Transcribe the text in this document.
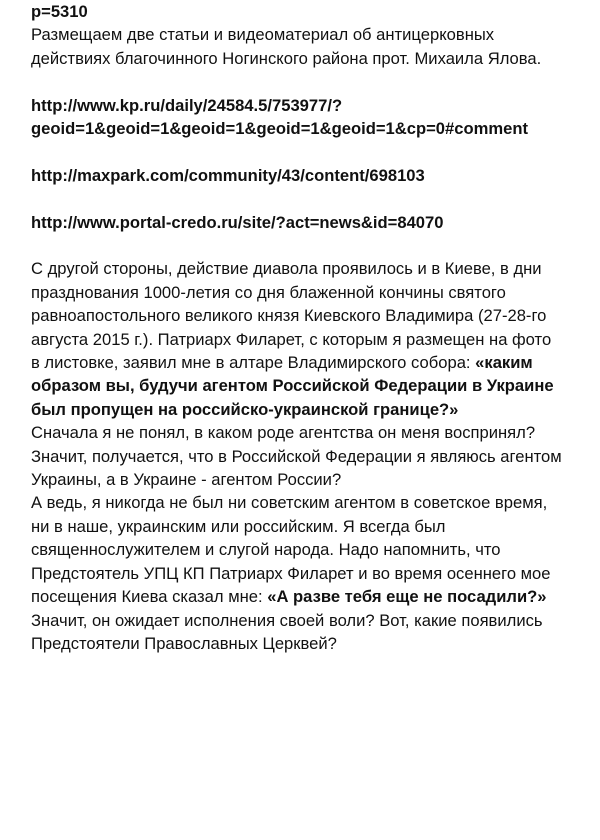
p=5310
Размещаем две статьи и видеоматериал об антицерковных
действиях благочинного Ногинского района прот. Михаила Ялова.
http://www.kp.ru/daily/24584.5/753977/?
geoid=1&geoid=1&geoid=1&geoid=1&geoid=1&cp=0#comment
http://maxpark.com/community/43/content/698103
http://www.portal-credo.ru/site/?act=news&id=84070
С другой стороны, действие диавола проявилось и в Киеве, в дни
празднования 1000-летия со дня блаженной кончины святого
равноапостольного великого князя Киевского Владимира (27-28-го
августа 2015 г.). Патриарх Филарет, с которым я размещен на фото
в листовке, заявил мне в алтаре Владимирского собора: «каким
образом вы, будучи агентом Российской Федерации в Украине
был пропущен на российско-украинской границе?»
Сначала я не понял, в каком роде агентства он меня воспринял?
Значит, получается, что в Российской Федерации я являюсь агентом
Украины, а в Украине - агентом России?
А ведь, я никогда не был ни советским агентом в советское время,
ни в наше, украинским или российским. Я всегда был
священнослужителем и слугой народа. Надо напомнить, что
Предстоятель УПЦ КП Патриарх Филарет и во время осеннего мое
посещения Киева сказал мне: «А разве тебя еще не посадили?»
Значит, он ожидает исполнения своей воли? Вот, какие появились
Предстоятели Православных Церквей?
